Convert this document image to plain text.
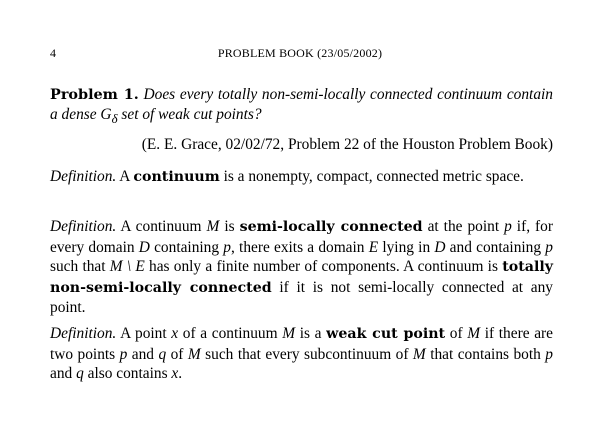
4	PROBLEM BOOK (23/05/2002)
Problem 1. Does every totally non-semi-locally connected continuum contain a dense $G_\delta$ set of weak cut points?
(E. E. Grace, 02/02/72, Problem 22 of the Houston Problem Book)
Definition. A continuum is a nonempty, compact, connected metric space.
Definition. A continuum M is semi-locally connected at the point p if, for every domain D containing p, there exits a domain E lying in D and containing p such that M \ E has only a finite number of components. A continuum is totally non-semi-locally connected if it is not semi-locally connected at any point.
Definition. A point x of a continuum M is a weak cut point of M if there are two points p and q of M such that every subcontinuum of M that contains both p and q also contains x.
